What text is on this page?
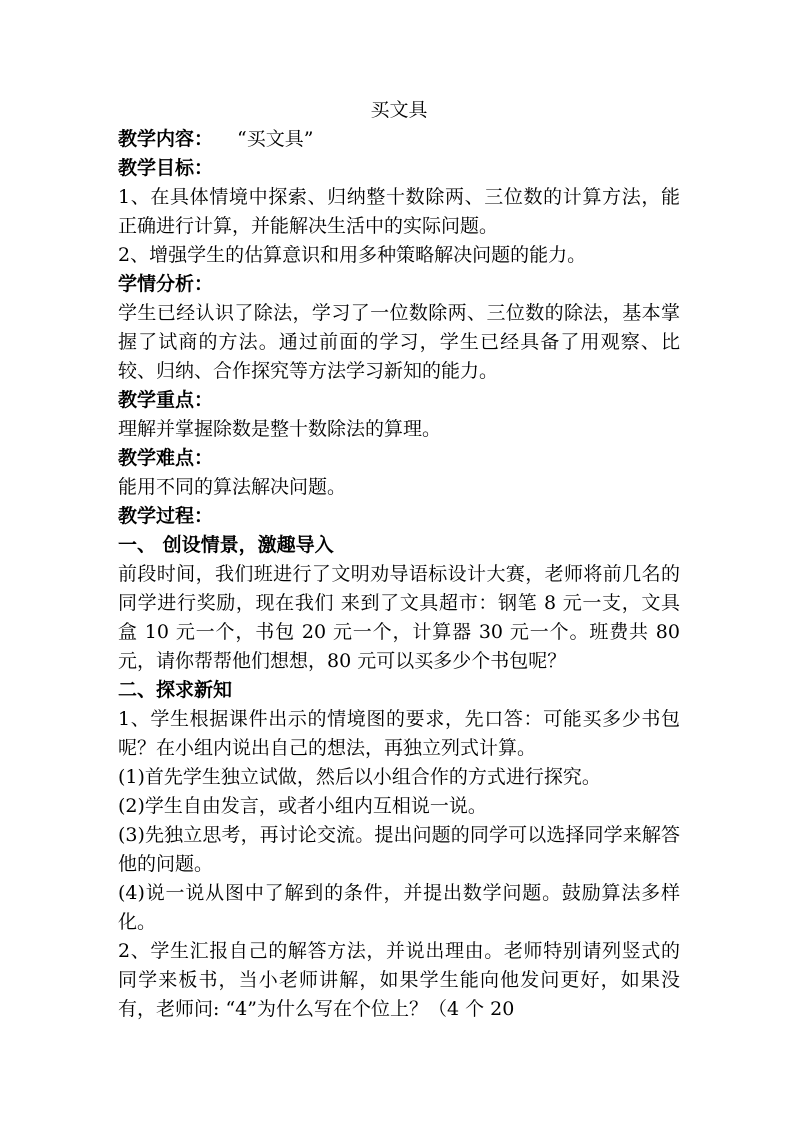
买文具

教学内容： “买文具”

教学目标：

1、在具体情境中探索、归纳整十数除两、三位数的计算方法，能正确进行计算，并能解决生活中的实际问题。

2、增强学生的估算意识和用多种策略解决问题的能力。

学情分析：

学生已经认识了除法，学习了一位数除两、三位数的除法，基本掌握了试商的方法。通过前面的学习，学生已经具备了用观察、比较、归纳、合作探究等方法学习新知的能力。

教学重点：

理解并掌握除数是整十数除法的算理。

教学难点：

能用不同的算法解决问题。

教学过程：

一、 创设情景，激趣导入

前段时间，我们班进行了文明劝导语标设计大赛，老师将前几名的同学进行奖励，现在我们 来到了文具超市：钢笔 8 元一支，文具盒 10 元一个，书包 20 元一个，计算器 30 元一个。班费共 80 元，请你帮帮他们想想，80 元可以买多少个书包呢？

二、探求新知

1、学生根据课件出示的情境图的要求，先口答：可能买多少书包呢？在小组内说出自己的想法，再独立列式计算。

(1)首先学生独立试做，然后以小组合作的方式进行探究。

(2)学生自由发言，或者小组内互相说一说。

(3)先独立思考，再讨论交流。提出问题的同学可以选择同学来解答他的问题。

(4)说一说从图中了解到的条件，并提出数学问题。鼓励算法多样化。

2、学生汇报自己的解答方法，并说出理由。老师特别请列竖式的同学来板书，当小老师讲解，如果学生能向他发问更好，如果没有，老师问: “4”为什么写在个位上？（4 个 20
